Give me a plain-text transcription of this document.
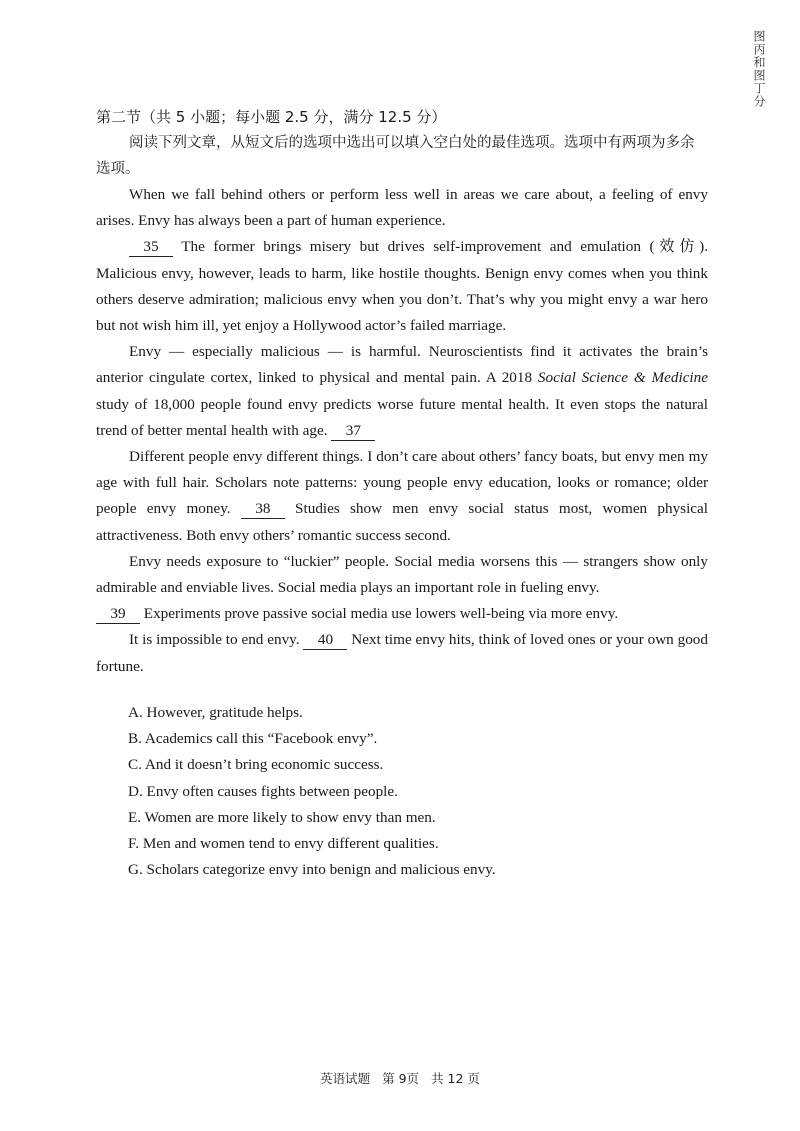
图丙和图丁分

第二节（共 5 小题；每小题 2.5 分，满分 12.5 分）

阅读下列文章，从短文后的选项中选出可以填入空白处的最佳选项。选项中有两项为多余选项。

When we fall behind others or perform less well in areas we care about, a feeling of envy arises. Envy has always been a part of human experience.

35 The former brings misery but drives self-improvement and emulation (效仿). Malicious envy, however, leads to harm, like hostile thoughts. Benign envy comes when you think others deserve admiration; malicious envy when you don’t. That’s why you might envy a war hero but not wish him ill, yet enjoy a Hollywood actor’s failed marriage.

Envy — especially malicious — is harmful. Neuroscientists find it activates the brain’s anterior cingulate cortex, linked to physical and mental pain. A 2018 Social Science & Medicine study of 18,000 people found envy predicts worse future mental health. It even stops the natural trend of better mental health with age. 37

Different people envy different things. I don’t care about others’ fancy boats, but envy men my age with full hair. Scholars note patterns: young people envy education, looks or romance; older people envy money. 38 Studies show men envy social status most, women physical attractiveness. Both envy others’ romantic success second.

Envy needs exposure to “luckier” people. Social media worsens this — strangers show only admirable and enviable lives. Social media plays an important role in fueling envy.

39 Experiments prove passive social media use lowers well-being via more envy.

It is impossible to end envy. 40 Next time envy hits, think of loved ones or your own good fortune.

A. However, gratitude helps.

B. Academics call this “Facebook envy”.

C. And it doesn’t bring economic success.

D. Envy often causes fights between people.

E. Women are more likely to show envy than men.

F. Men and women tend to envy different qualities.

G. Scholars categorize envy into benign and malicious envy.

英语试题 第 9页 共 12 页
